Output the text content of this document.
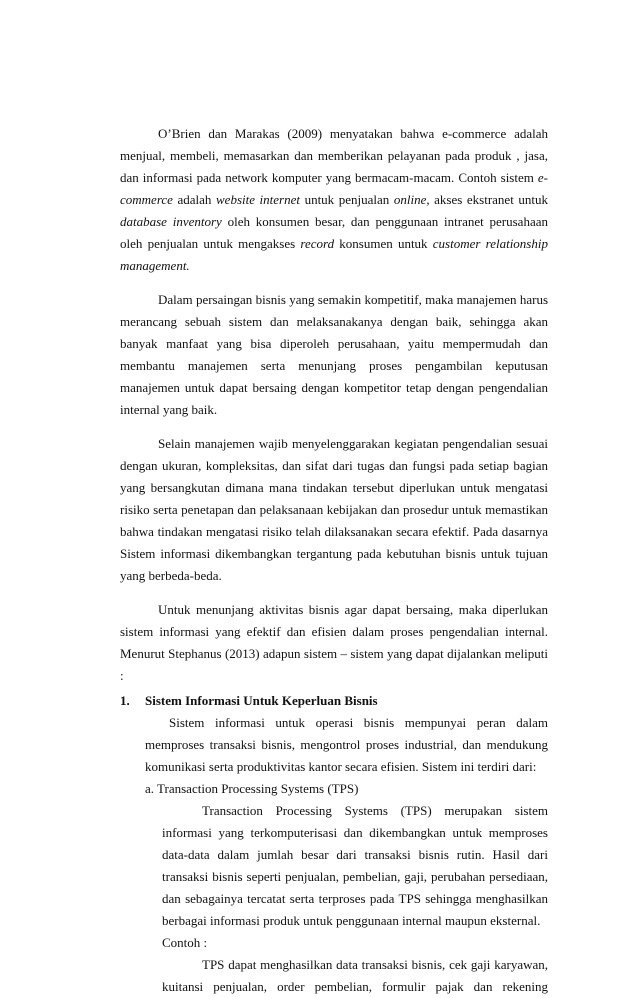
O’Brien dan Marakas (2009) menyatakan bahwa e-commerce adalah menjual, membeli, memasarkan dan memberikan pelayanan pada produk , jasa, dan informasi pada network komputer yang bermacam-macam. Contoh sistem e-commerce adalah website internet untuk penjualan online, akses ekstranet untuk database inventory oleh konsumen besar, dan penggunaan intranet perusahaan oleh penjualan untuk mengakses record konsumen untuk customer relationship management.

Dalam persaingan bisnis yang semakin kompetitif, maka manajemen harus merancang sebuah sistem dan melaksanakanya dengan baik, sehingga akan banyak manfaat yang bisa diperoleh perusahaan, yaitu mempermudah dan membantu manajemen serta menunjang proses pengambilan keputusan manajemen untuk dapat bersaing dengan kompetitor tetap dengan pengendalian internal yang baik.

Selain manajemen wajib menyelenggarakan kegiatan pengendalian sesuai dengan ukuran, kompleksitas, dan sifat dari tugas dan fungsi pada setiap bagian yang bersangkutan dimana mana tindakan tersebut diperlukan untuk mengatasi risiko serta penetapan dan pelaksanaan kebijakan dan prosedur untuk memastikan bahwa tindakan mengatasi risiko telah dilaksanakan secara efektif. Pada dasarnya Sistem informasi dikembangkan tergantung pada kebutuhan bisnis untuk tujuan yang berbeda-beda.

Untuk menunjang aktivitas bisnis agar dapat bersaing, maka diperlukan sistem informasi yang efektif dan efisien dalam proses pengendalian internal. Menurut Stephanus (2013) adapun sistem – sistem yang dapat dijalankan meliputi :

1. Sistem Informasi Untuk Keperluan Bisnis

Sistem informasi untuk operasi bisnis mempunyai peran dalam memproses transaksi bisnis, mengontrol proses industrial, dan mendukung komunikasi serta produktivitas kantor secara efisien. Sistem ini terdiri dari:

a. Transaction Processing Systems (TPS)

Transaction Processing Systems (TPS) merupakan sistem informasi yang terkomputerisasi dan dikembangkan untuk memproses data-data dalam jumlah besar dari transaksi bisnis rutin. Hasil dari transaksi bisnis seperti penjualan, pembelian, gaji, perubahan persediaan, dan sebagainya tercatat serta terproses pada TPS sehingga menghasilkan berbagai informasi produk untuk penggunaan internal maupun eksternal.

Contoh :

TPS dapat menghasilkan data transaksi bisnis, cek gaji karyawan, kuitansi penjualan, order pembelian, formulir pajak dan rekening
